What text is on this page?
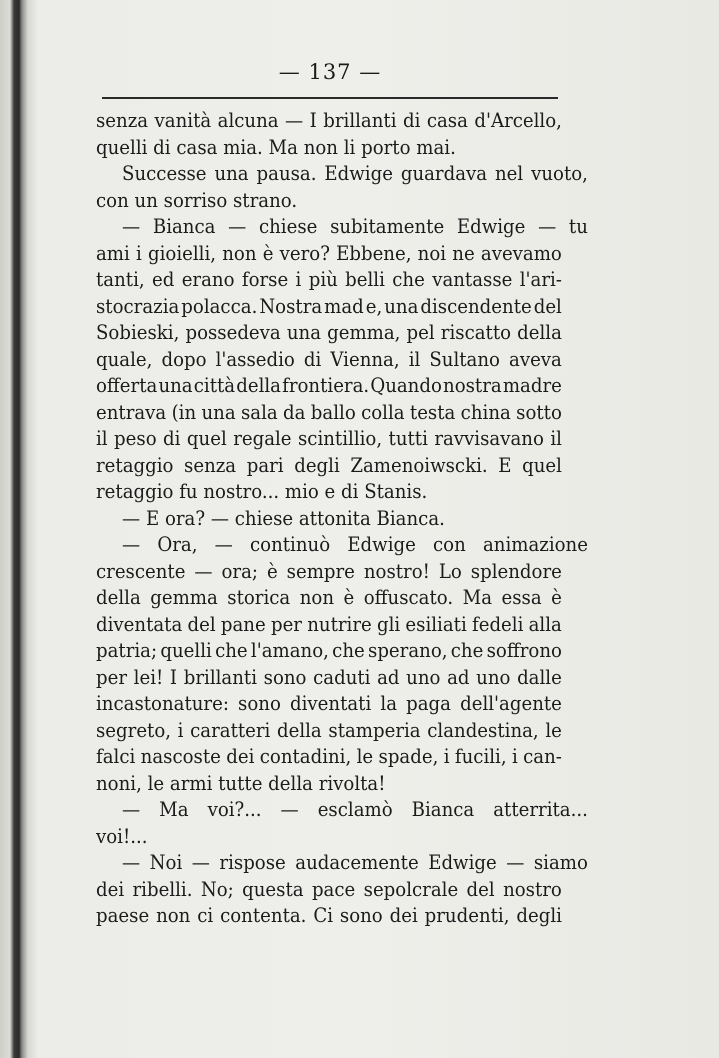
— 137 —
senza vanità alcuna — I brillanti di casa d'Arcello,
quelli di casa mia. Ma non li porto mai.
Successe una pausa. Edwige guardava nel vuoto,
con un sorriso strano.
— Bianca — chiese subitamente Edwige — tu
ami i gioielli, non è vero? Ebbene, noi ne avevamo
tanti, ed erano forse i più belli che vantasse l'ari-
stocrazia polacca. Nostra mad e, una discendente del
Sobieski, possedeva una gemma, pel riscatto della
quale, dopo l'assedio di Vienna, il Sultano aveva
offerta una città della frontiera. Quando nostra madre
entrava (in una sala da ballo colla testa china sotto
il peso di quel regale scintillio, tutti ravvisavano il
retaggio senza pari degli Zamenoiwscki. E quel
retaggio fu nostro... mio e di Stanis.
— E ora? — chiese attonita Bianca.
— Ora, — continuò Edwige con animazione
crescente — ora; è sempre nostro! Lo splendore
della gemma storica non è offuscato. Ma essa è
diventata del pane per nutrire gli esiliati fedeli alla
patria; quelli che l'amano, che sperano, che soffrono
per lei! I brillanti sono caduti ad uno ad uno dalle
incastonature: sono diventati la paga dell'agente
segreto, i caratteri della stamperia clandestina, le
falci nascoste dei contadini, le spade, i fucili, i can-
noni, le armi tutte della rivolta!
— Ma voi?... — esclamò Bianca atterrita...
voi!...
— Noi — rispose audacemente Edwige — siamo
dei ribelli. No; questa pace sepolcrale del nostro
paese non ci contenta. Ci sono dei prudenti, degli
